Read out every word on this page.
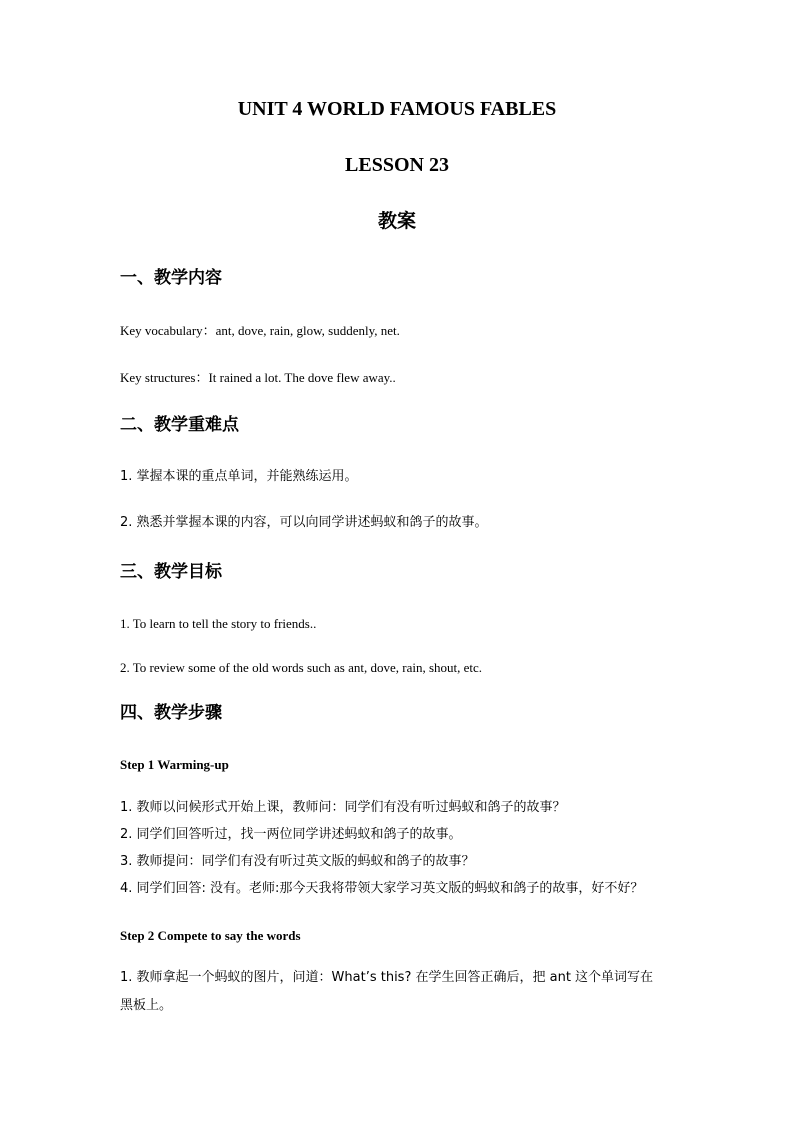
UNIT 4 WORLD FAMOUS FABLES
LESSON 23
教案
一、教学内容
Key vocabulary：ant, dove, rain, glow, suddenly, net.
Key structures：It rained a lot. The dove flew away..
二、教学重难点
1. 掌握本课的重点单词，并能熟练运用。
2. 熟悉并掌握本课的内容，可以向同学讲述蚂蚁和鸽子的故事。
三、教学目标
1. To learn to tell the story to friends..
2. To review some of the old words such as ant, dove, rain, shout, etc.
四、教学步骤
Step 1 Warming-up
1. 教师以问候形式开始上课，教师问：同学们有没有听过蚂蚁和鸽子的故事？
2. 同学们回答听过，找一两位同学讲述蚂蚁和鸽子的故事。
3. 教师提问：同学们有没有听过英文版的蚂蚁和鸽子的故事？
4. 同学们回答: 没有。老师:那今天我将带领大家学习英文版的蚂蚁和鸽子的故事，好不好？
Step 2 Compete to say the words
1. 教师拿起一个蚂蚁的图片，问道：What’s this? 在学生回答正确后，把 ant 这个单词写在
黑板上。
